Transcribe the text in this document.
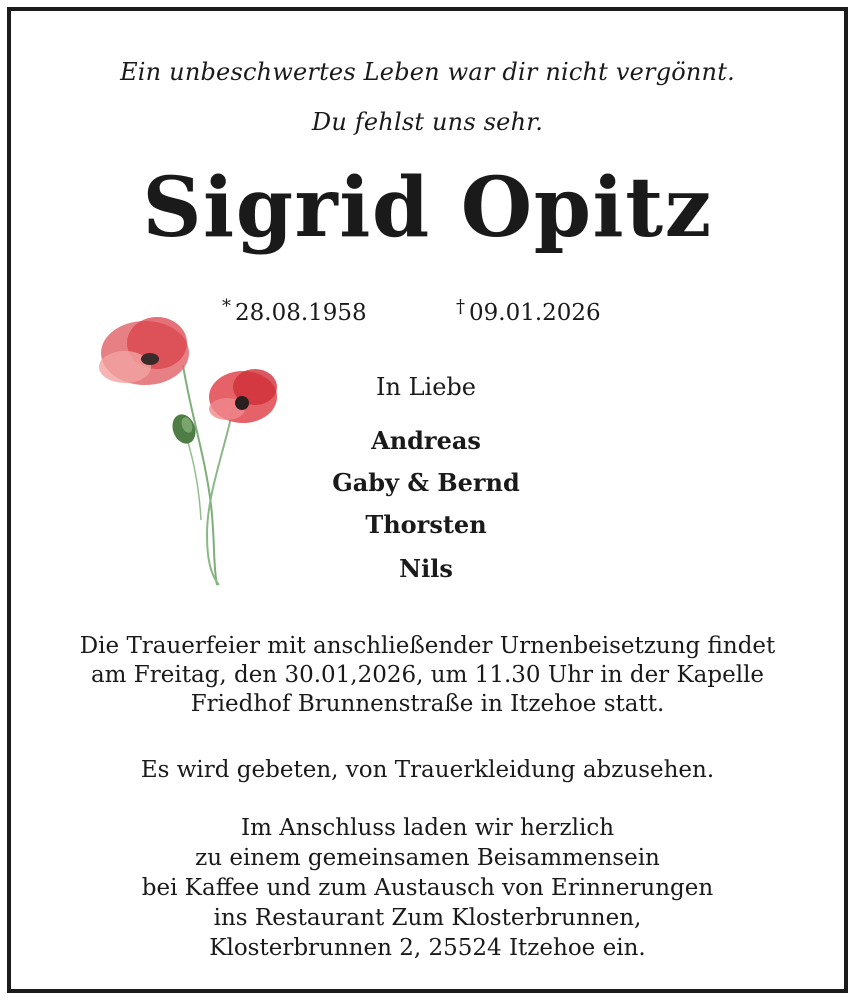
Ein unbeschwertes Leben war dir nicht vergönnt.
Du fehlst uns sehr.
Sigrid Opitz
* 28.08.1958	† 09.01.2026
In Liebe
Andreas
Gaby & Bernd
Thorsten
Nils
Die Trauerfeier mit anschließender Urnenbeisetzung findet
am Freitag, den 30.01,2026, um 11.30 Uhr in der Kapelle
Friedhof Brunnenstraße in Itzehoe statt.
Es wird gebeten, von Trauerkleidung abzusehen.
Im Anschluss laden wir herzlich
zu einem gemeinsamen Beisammensein
bei Kaffee und zum Austausch von Erinnerungen
ins Restaurant Zum Klosterbrunnen,
Klosterbrunnen 2, 25524 Itzehoe ein.
